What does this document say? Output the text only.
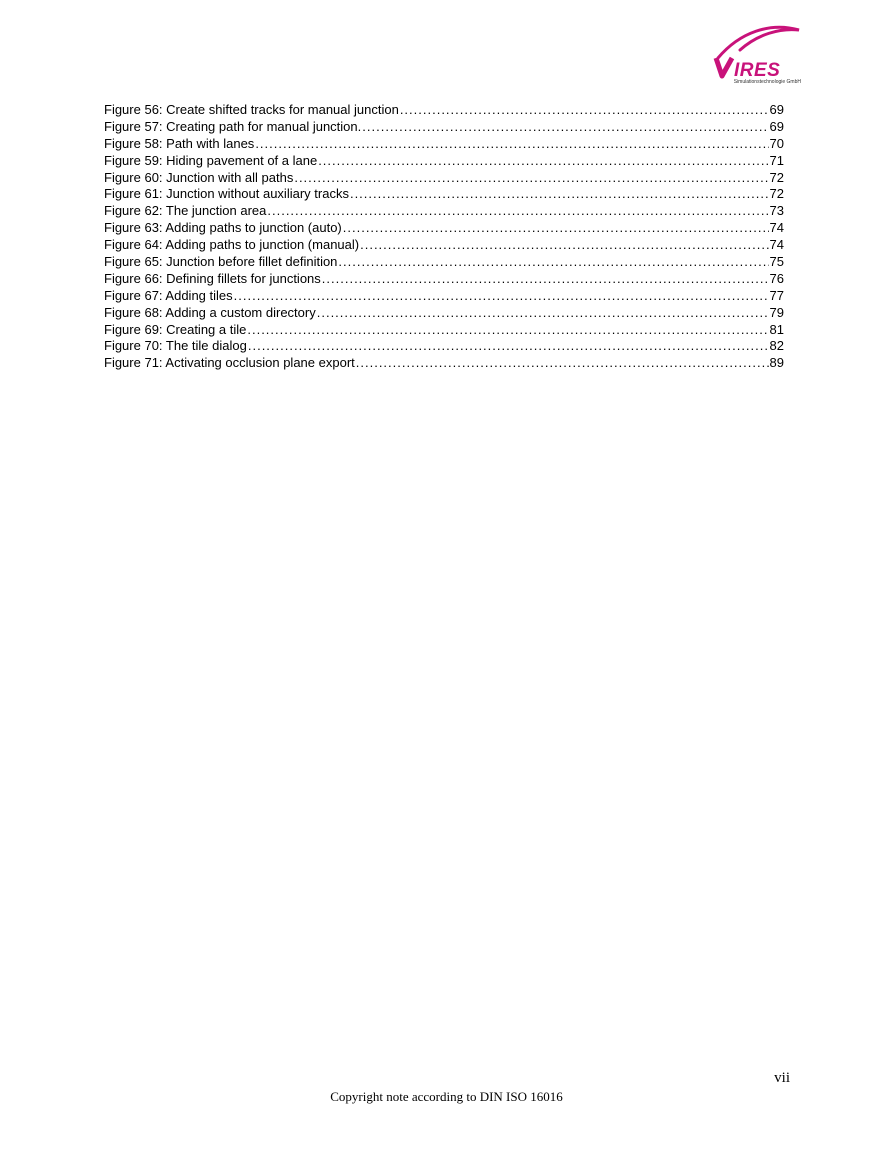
IRES
Simulationstechnologie GmbH
Figure 56: Create shifted tracks for manual junction .....	69
Figure 57: Creating path for manual junction. .....	69
Figure 58: Path with lanes .....	70
Figure 59: Hiding pavement of a lane .....	71
Figure 60: Junction with all paths .....	72
Figure 61: Junction without auxiliary tracks .....	72
Figure 62: The junction area .....	73
Figure 63: Adding paths to junction (auto) .....	74
Figure 64: Adding paths to junction (manual) .....	74
Figure 65: Junction before fillet definition .....	75
Figure 66: Defining fillets for junctions .....	76
Figure 67: Adding tiles .....	77
Figure 68: Adding a custom directory .....	79
Figure 69: Creating a tile .....	81
Figure 70: The tile dialog .....	82
Figure 71: Activating occlusion plane export .....	89
vii
Copyright note according to DIN ISO 16016
